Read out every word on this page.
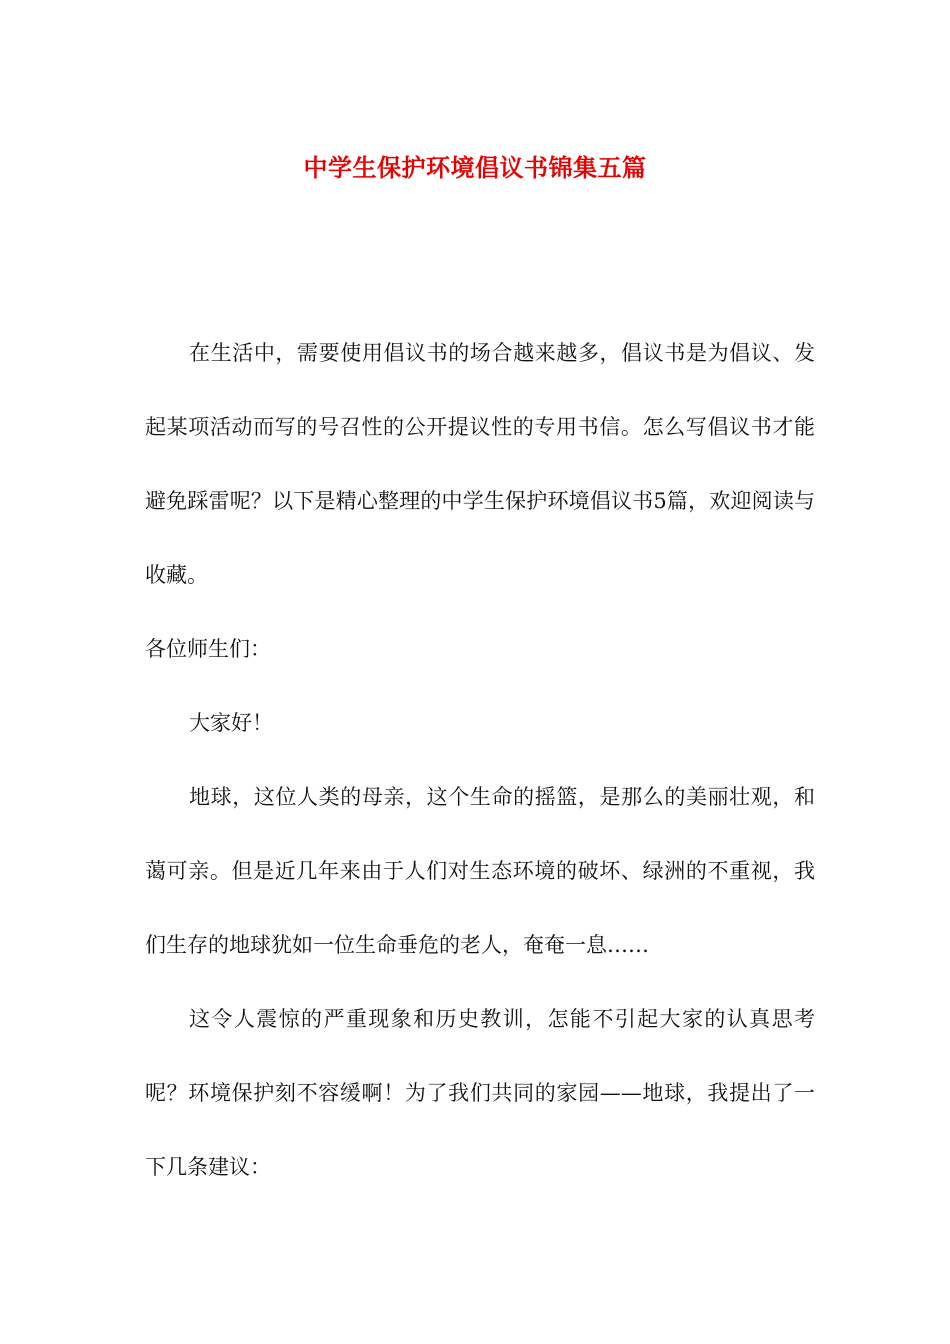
中学生保护环境倡议书锦集五篇

在生活中，需要使用倡议书的场合越来越多，倡议书是为倡议、发起某项活动而写的号召性的公开提议性的专用书信。怎么写倡议书才能避免踩雷呢？以下是精心整理的中学生保护环境倡议书5篇，欢迎阅读与收藏。

各位师生们：

大家好！

地球，这位人类的母亲，这个生命的摇篮，是那么的美丽壮观，和蔼可亲。但是近几年来由于人们对生态环境的破坏、绿洲的不重视，我们生存的地球犹如一位生命垂危的老人，奄奄一息……

这令人震惊的严重现象和历史教训，怎能不引起大家的认真思考呢？环境保护刻不容缓啊！为了我们共同的家园——地球，我提出了一下几条建议：
